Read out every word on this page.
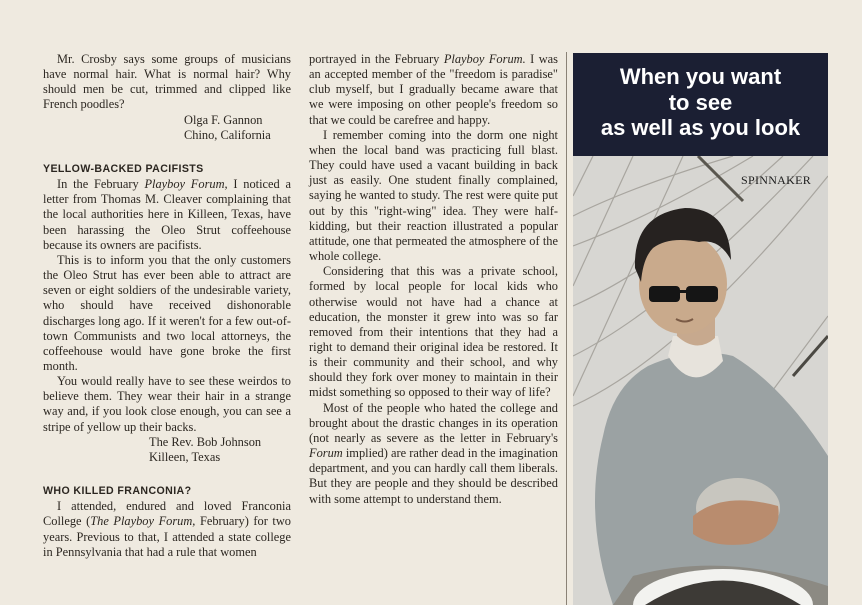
Mr. Crosby says some groups of musicians have normal hair. What is normal hair? Why should men be cut, trimmed and clipped like French poodles?

Olga F. Gannon

Chino, California

YELLOW-BACKED PACIFISTS

In the February Playboy Forum, I noticed a letter from Thomas M. Cleaver complaining that the local authorities here in Killeen, Texas, have been harassing the Oleo Strut coffeehouse because its owners are pacifists.

This is to inform you that the only customers the Oleo Strut has ever been able to attract are seven or eight soldiers of the undesirable variety, who should have received dishonorable discharges long ago. If it weren't for a few out-of-town Communists and two local attorneys, the coffeehouse would have gone broke the first month.

You would really have to see these weirdos to believe them. They wear their hair in a strange way and, if you look close enough, you can see a stripe of yellow up their backs.

The Rev. Bob Johnson

Killeen, Texas

WHO KILLED FRANCONIA?

I attended, endured and loved Franconia College (The Playboy Forum, February) for two years. Previous to that, I attended a state college in Pennsylvania that had a rule that women

portrayed in the February Playboy Forum. I was an accepted member of the "freedom is paradise" club myself, but I gradually became aware that we were imposing on other people's freedom so that we could be carefree and happy.

I remember coming into the dorm one night when the local band was practicing full blast. They could have used a vacant building in back just as easily. One student finally complained, saying he wanted to study. The rest were quite put out by this "right-wing" idea. They were half-kidding, but their reaction illustrated a popular attitude, one that permeated the atmosphere of the whole college.

Considering that this was a private school, formed by local people for local kids who otherwise would not have had a chance at education, the monster it grew into was so far removed from their intentions that they had a right to demand their original idea be restored. It is their community and their school, and why should they fork over money to maintain in their midst something so opposed to their way of life?

Most of the people who hated the college and brought about the drastic changes in its operation (not nearly as severe as the letter in February's Forum implied) are rather dead in the imagination department, and you can hardly call them liberals. But they are people and they should be described with some attempt to understand them.

When you want
to see
as well as you look
SPINNAKER
